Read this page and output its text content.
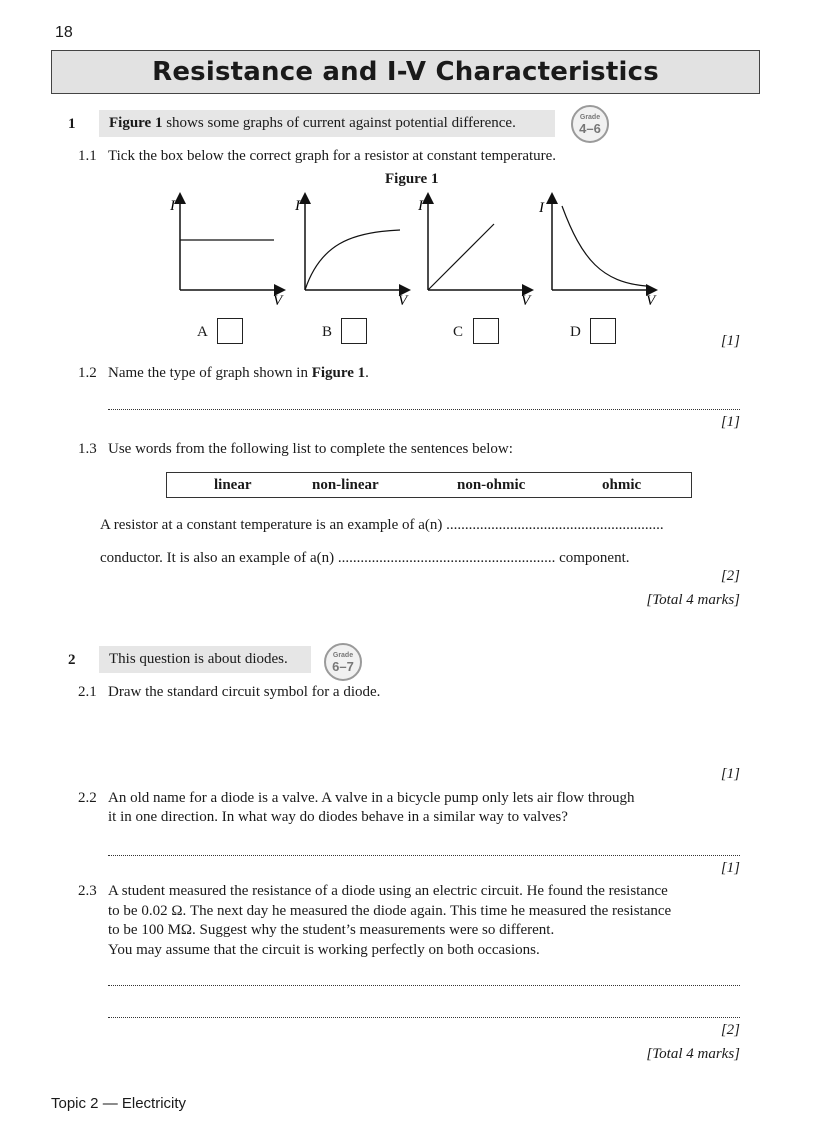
18
Resistance and I-V Characteristics
1	Figure 1 shows some graphs of current against potential difference.	Grade
4–6
1.1 Tick the box below the correct graph for a resistor at constant temperature.
Figure 1
I
V
I
V
I
V
I
V
A	B	C	D
[1]
1.2 Name the type of graph shown in Figure 1.
[1]
1.3 Use words from the following list to complete the sentences below:
linear	non-linear	non-ohmic	ohmic
A resistor at a constant temperature is an example of a(n) ..........................................................
conductor. It is also an example of a(n) .......................................................... component.
[2]
[Total 4 marks]
2	This question is about diodes.	Grade
6–7
2.1 Draw the standard circuit symbol for a diode.
[1]
2.2 An old name for a diode is a valve. A valve in a bicycle pump only lets air flow through
it in one direction. In what way do diodes behave in a similar way to valves?
[1]
2.3 A student measured the resistance of a diode using an electric circuit. He found the resistance
to be 0.02 Ω. The next day he measured the diode again. This time he measured the resistance
to be 100 MΩ. Suggest why the student’s measurements were so different.
You may assume that the circuit is working perfectly on both occasions.
[2]
[Total 4 marks]
Topic 2 — Electricity
